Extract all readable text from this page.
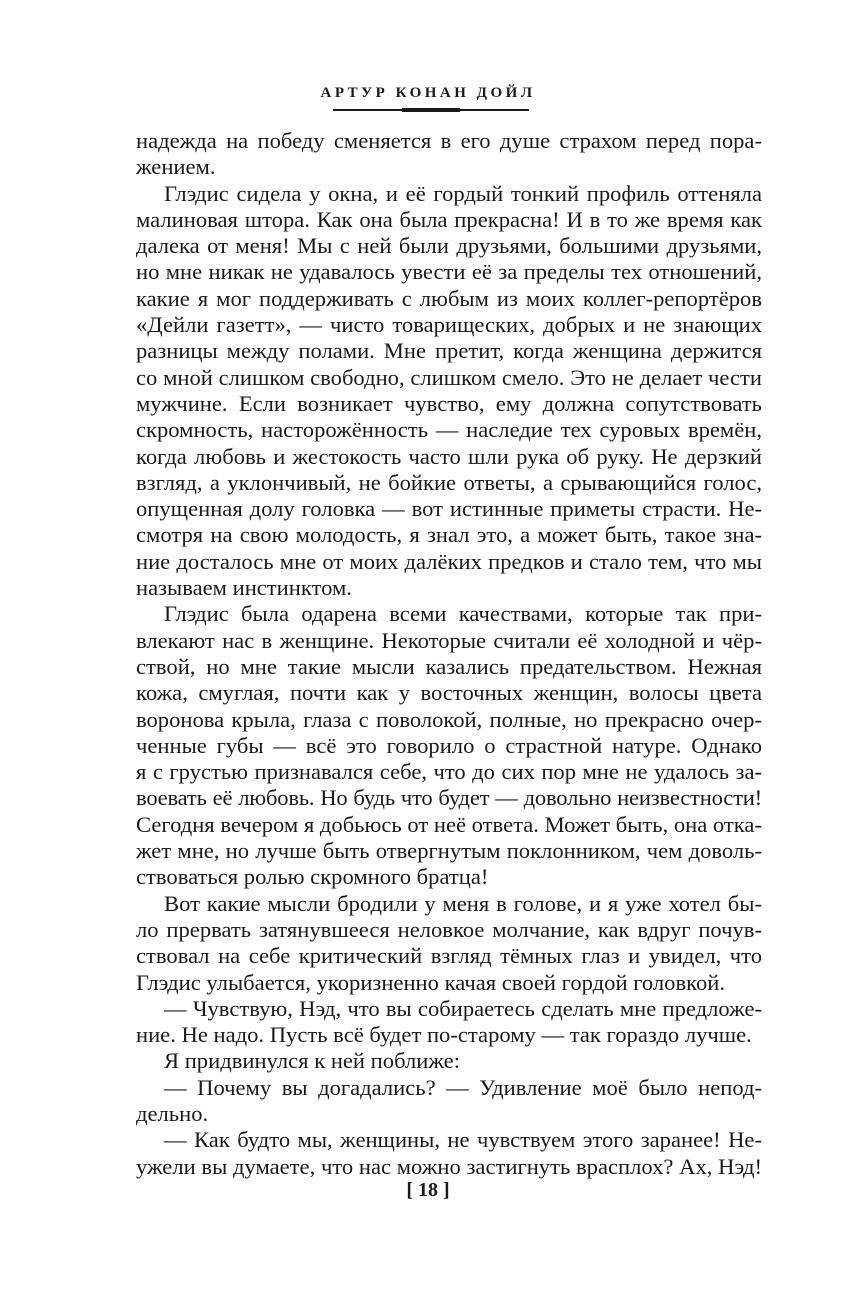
АРТУР КОНАН ДОЙЛ
надежда на победу сменяется в его душе страхом перед пора-
жением.
Глэдис сидела у окна, и её гордый тонкий профиль оттеняла
малиновая штора. Как она была прекрасна! И в то же время как
далека от меня! Мы с ней были друзьями, большими друзьями,
но мне никак не удавалось увести её за пределы тех отношений,
какие я мог поддерживать с любым из моих коллег-репортёров
«Дейли газетт», — чисто товарищеских, добрых и не знающих
разницы между полами. Мне претит, когда женщина держится
со мной слишком свободно, слишком смело. Это не делает чести
мужчине. Если возникает чувство, ему должна сопутствовать
скромность, насторожённость — наследие тех суровых времён,
когда любовь и жестокость часто шли рука об руку. Не дерзкий
взгляд, а уклончивый, не бойкие ответы, а срывающийся голос,
опущенная долу головка — вот истинные приметы страсти. Не-
смотря на свою молодость, я знал это, а может быть, такое зна-
ние досталось мне от моих далёких предков и стало тем, что мы
называем инстинктом.
Глэдис была одарена всеми качествами, которые так при-
влекают нас в женщине. Некоторые считали её холодной и чёр-
ствой, но мне такие мысли казались предательством. Нежная
кожа, смуглая, почти как у восточных женщин, волосы цвета
воронова крыла, глаза с поволокой, полные, но прекрасно очер-
ченные губы — всё это говорило о страстной натуре. Однако
я с грустью признавался себе, что до сих пор мне не удалось за-
воевать её любовь. Но будь что будет — довольно неизвестности!
Сегодня вечером я добьюсь от неё ответа. Может быть, она отка-
жет мне, но лучше быть отвергнутым поклонником, чем доволь-
ствоваться ролью скромного братца!
Вот какие мысли бродили у меня в голове, и я уже хотел бы-
ло прервать затянувшееся неловкое молчание, как вдруг почув-
ствовал на себе критический взгляд тёмных глаз и увидел, что
Глэдис улыбается, укоризненно качая своей гордой головкой.
— Чувствую, Нэд, что вы собираетесь сделать мне предложе-
ние. Не надо. Пусть всё будет по-старому — так гораздо лучше.
Я придвинулся к ней поближе:
— Почему вы догадались? — Удивление моё было непод-
дельно.
— Как будто мы, женщины, не чувствуем этого заранее! Не-
ужели вы думаете, что нас можно застигнуть врасплох? Ах, Нэд!
[ 18 ]
